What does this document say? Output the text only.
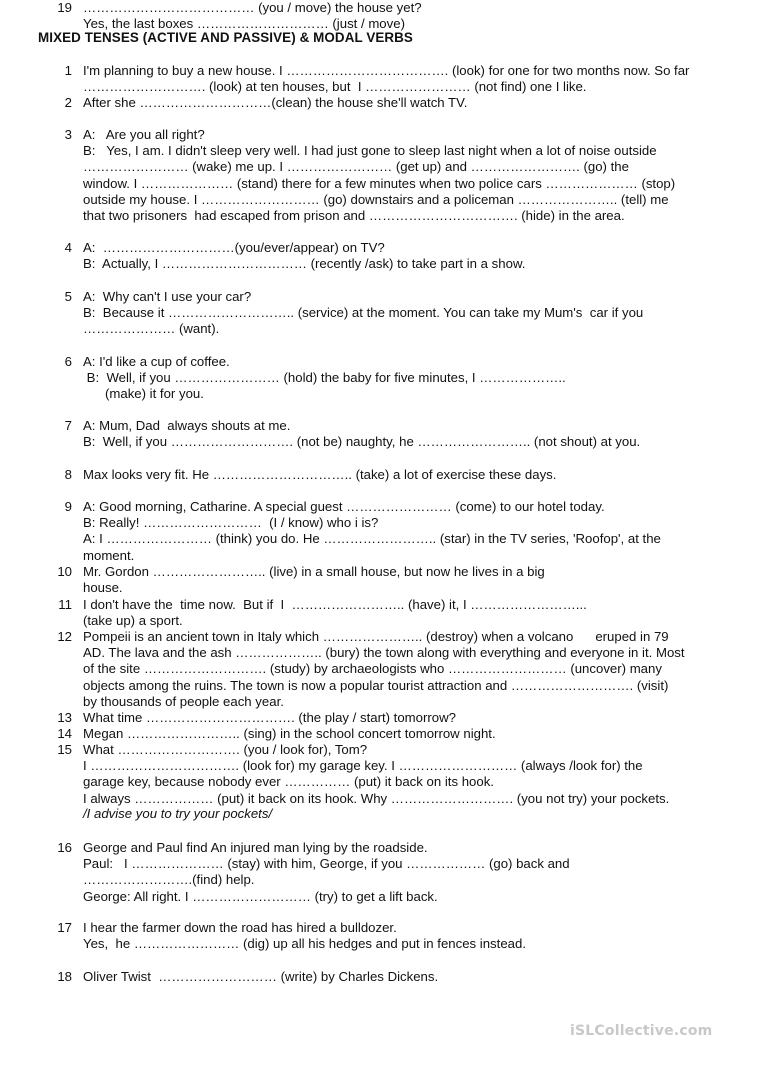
MIXED TENSES (ACTIVE AND PASSIVE) & MODAL VERBS
1 I'm planning to buy a new house. I ………………………………. (look) for one for two months now. So far
………………………. (look) at ten houses, but  I …………………… (not find) one I like.
2 After she …………………………(clean) the house she'll watch TV.
3 A:   Are you all right?
B:   Yes, I am. I didn't sleep very well. I had just gone to sleep last night when a lot of noise outside
…………………… (wake) me up. I …………………… (get up) and ……………………. (go) the
window. I ………………… (stand) there for a few minutes when two police cars ………………… (stop)
outside my house. I ……………………… (go) downstairs and a policeman ………………….. (tell) me
that two prisoners  had escaped from prison and ……………………………. (hide) in the area.
4 A:  …………………………(you/ever/appear) on TV?
B:  Actually, I …………………………… (recently /ask) to take part in a show.
5 A:  Why can't I use your car?
B:  Because it ……………………….. (service) at the moment. You can take my Mum's  car if you
………………… (want).
6 A: I'd like a cup of coffee.
B:  Well, if you …………………… (hold) the baby for five minutes, I ………………..
(make) it for you.
7 A: Mum, Dad  always shouts at me.
B:  Well, if you ………………………. (not be) naughty, he …………………….. (not shout) at you.
8 Max looks very fit. He ………………………….. (take) a lot of exercise these days.
9 A: Good morning, Catharine. A special guest …………………… (come) to our hotel today.
B: Really! ………………………  (I / know) who i is?
A: I …………………… (think) you do. He …………………….. (star) in the TV series, 'Roofop', at the
moment.
10 Mr. Gordon …………………….. (live) in a small house, but now he lives in a big
house.
11 I don't have the  time now.  But if  I  …………………….. (have) it, I ……………………...
(take up) a sport.
12 Pompeii is an ancient town in Italy which ………………….. (destroy) when a volcano      eruped in 79
AD. The lava and the ash ……………….. (bury) the town along with everything and everyone in it. Most
of the site ………………………. (study) by archaeologists who ……………………… (uncover) many
objects among the ruins. The town is now a popular tourist attraction and ………………………. (visit)
by thousands of people each year.
13 What time ……………………………. (the play / start) tomorrow?
14 Megan …………………….. (sing) in the school concert tomorrow night.
15 What ………………………. (you / look for), Tom?
I ……………………………. (look for) my garage key. I ……………………… (always /look for) the
garage key, because nobody ever …………… (put) it back on its hook.
I always ……………… (put) it back on its hook. Why ………………………. (you not try) your pockets.
/I advise you to try your pockets/
16 George and Paul find An injured man lying by the roadside.
Paul:   I ………………… (stay) with him, George, if you ……………… (go) back and
…………………….(find) help.
George: All right. I ……………………… (try) to get a lift back.
17 I hear the farmer down the road has hired a bulldozer.
Yes,  he …………………… (dig) up all his hedges and put in fences instead.
18 Oliver Twist  ……………………… (write) by Charles Dickens.
19 ………………………………… (you / move) the house yet?
Yes, the last boxes ………………………… (just / move)
iSLCollective.com
